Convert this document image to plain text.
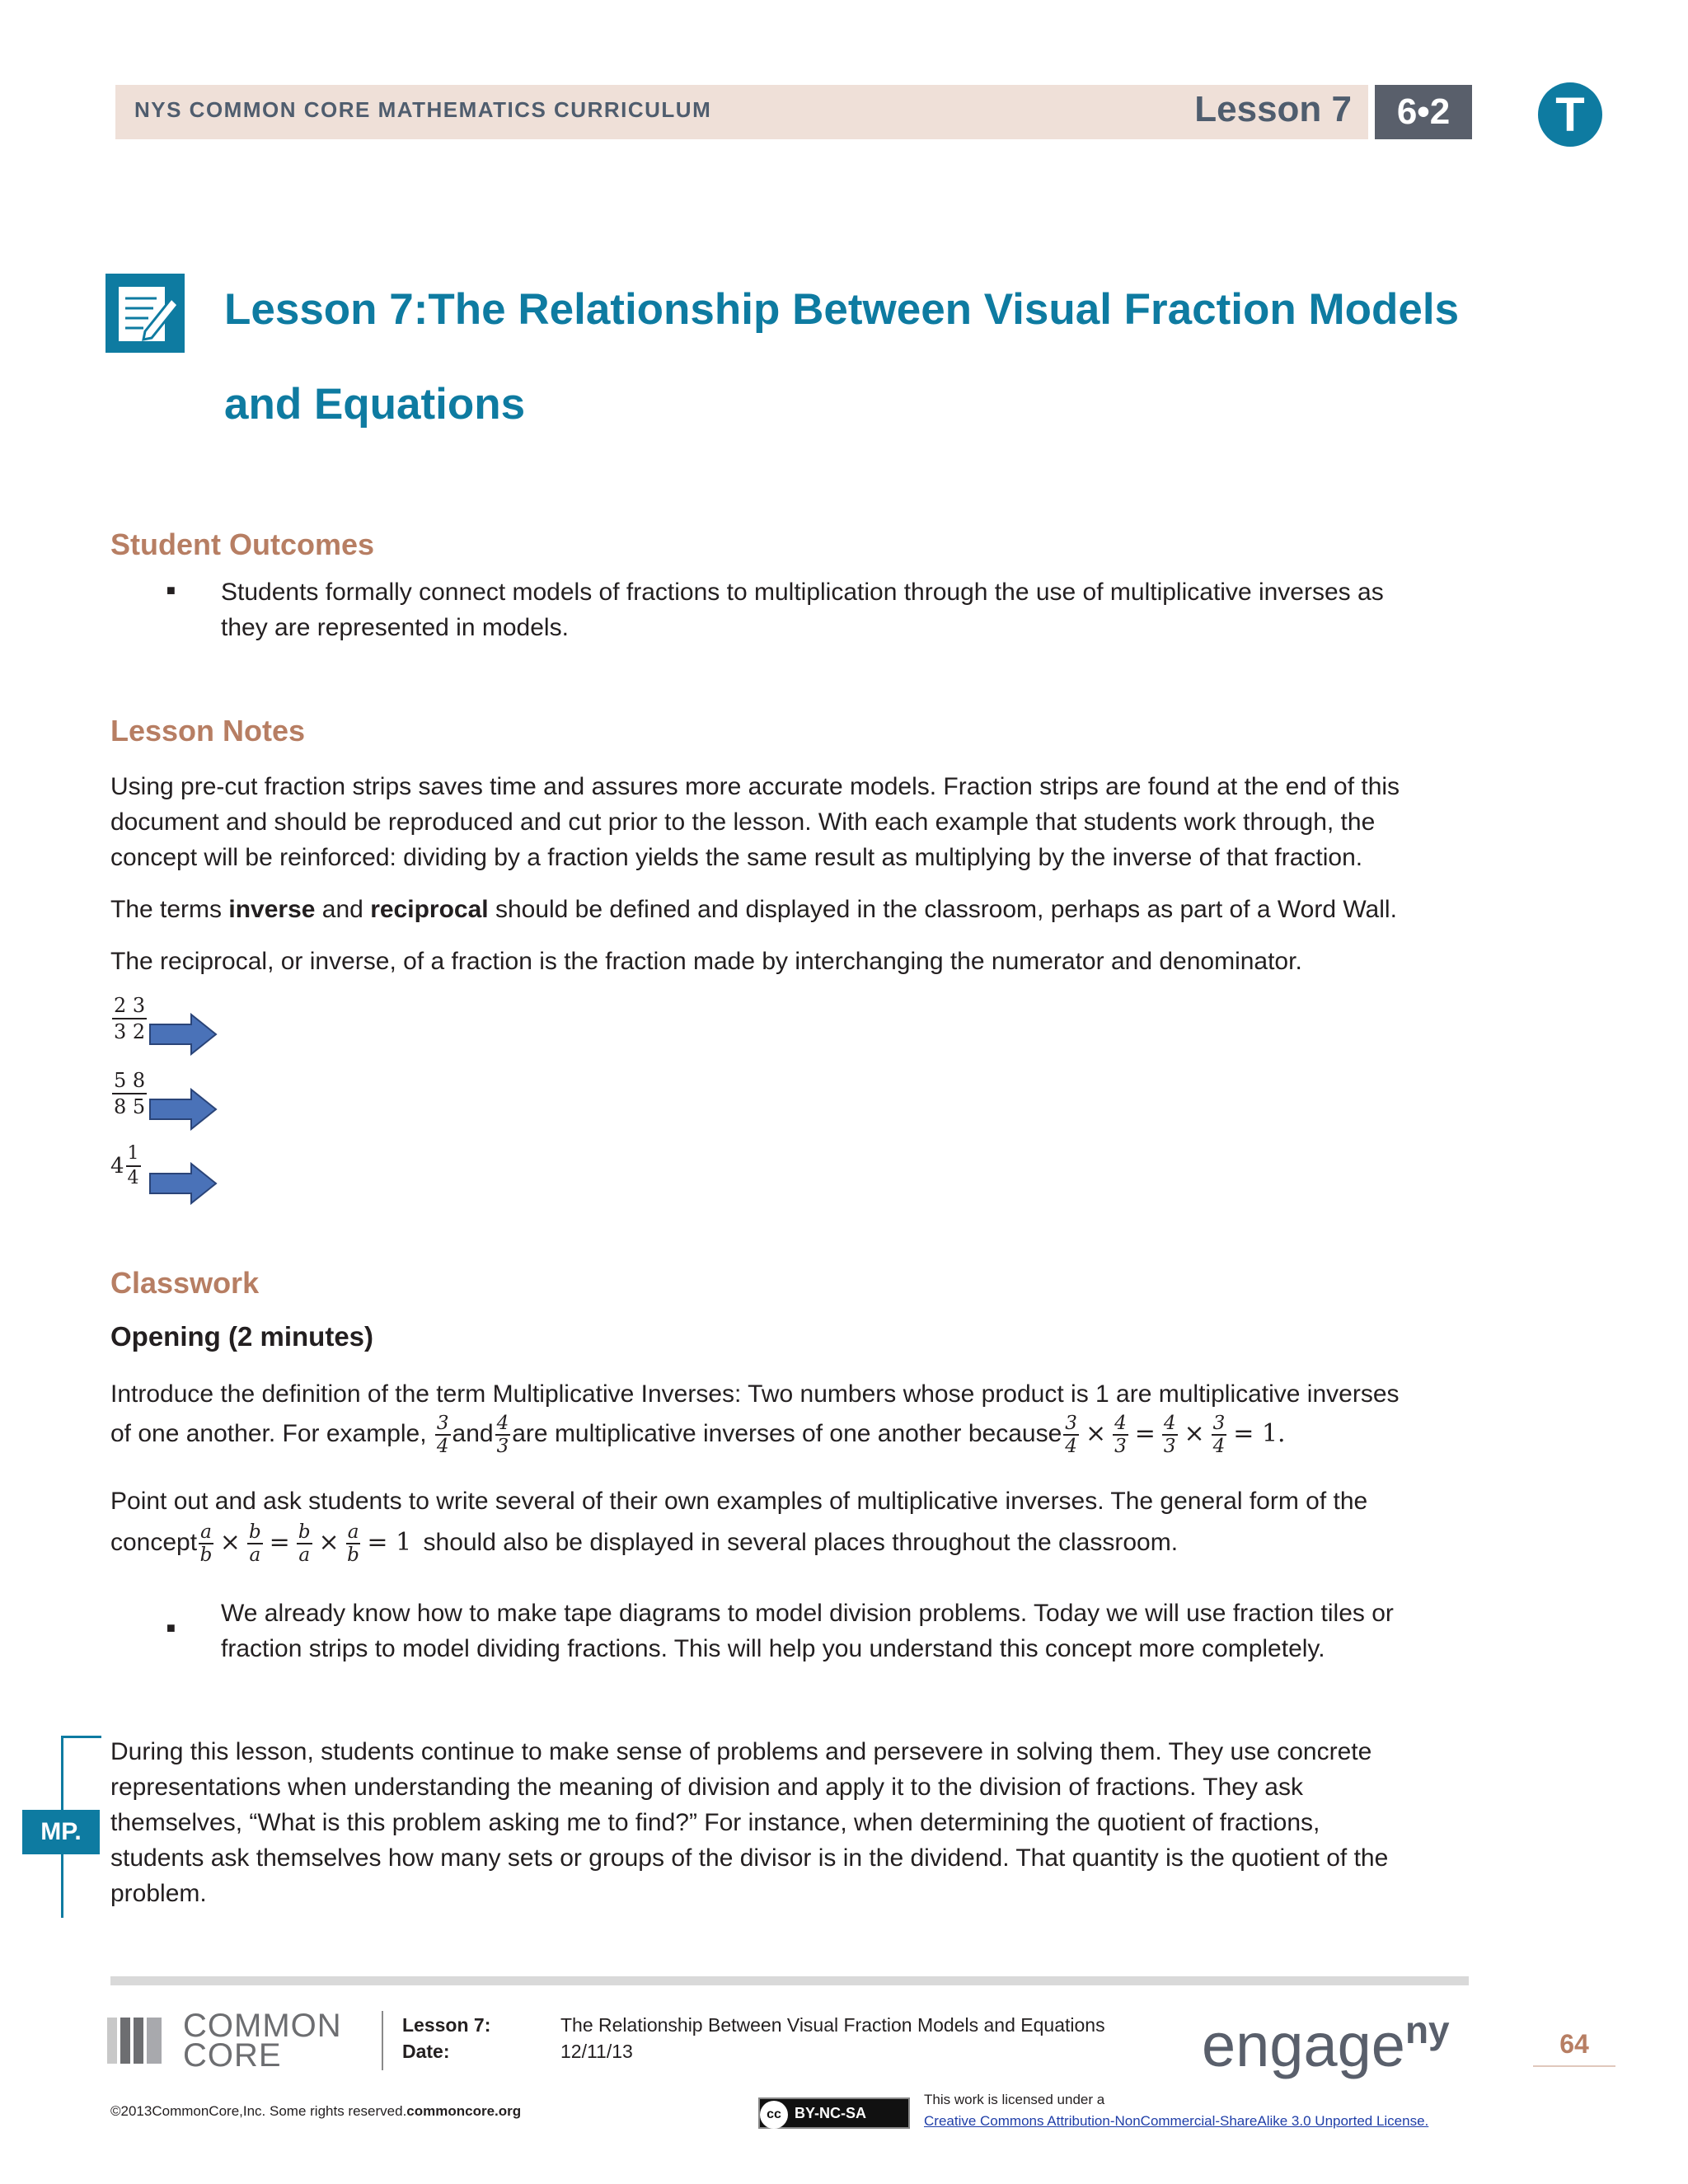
NYS COMMON CORE MATHEMATICS CURRICULUM	Lesson 7	6•2	T
Lesson 7:The Relationship Between Visual Fraction Models
and Equations
Student Outcomes
■ Students formally connect models of fractions to multiplication through the use of multiplicative inverses as
they are represented in models.
Lesson Notes
Using pre-cut fraction strips saves time and assures more accurate models. Fraction strips are found at the end of this
document and should be reproduced and cut prior to the lesson. With each example that students work through, the
concept will be reinforced: dividing by a fraction yields the same result as multiplying by the inverse of that fraction.
The terms inverse and reciprocal should be defined and displayed in the classroom, perhaps as part of a Word Wall.
The reciprocal, or inverse, of a fraction is the fraction made by interchanging the numerator and denominator.
$\frac{2 3}{3 2}$
$\frac{5 8}{8 5}$
$4 \frac{1}{4}$
Classwork
Opening (2 minutes)
Introduce the definition of the term Multiplicative Inverses: Two numbers whose product is 1 are multiplicative inverses
of one another. For example, $\frac{3}{4}$ and $\frac{4}{3}$ are multiplicative inverses of one another because $\frac{3}{4} \times \frac{4}{3} = \frac{4}{3} \times \frac{3}{4} = 1$.
Point out and ask students to write several of their own examples of multiplicative inverses. The general form of the
concept $\frac{a}{b} \times \frac{b}{a} = \frac{b}{a} \times \frac{a}{b} = 1$ should also be displayed in several places throughout the classroom.
■
We already know how to make tape diagrams to model division problems. Today we will use fraction tiles or
fraction strips to model dividing fractions. This will help you understand this concept more completely.
MP.
During this lesson, students continue to make sense of problems and persevere in solving them. They use concrete
representations when understanding the meaning of division and apply it to the division of fractions. They ask
themselves, “What is this problem asking me to find?” For instance, when determining the quotient of fractions,
students ask themselves how many sets or groups of the divisor is in the dividend. That quantity is the quotient of the
problem.
COMMON
CORE
Lesson 7:
Date:
The Relationship Between Visual Fraction Models and Equations
12/11/13	engage$^{ny}$	64
©2013CommonCore,Inc. Some rights reserved.commoncore.org	cc BY-NC-SA
This work is licensed under a
Creative Commons Attribution-NonCommercial-ShareAlike 3.0 Unported License.
